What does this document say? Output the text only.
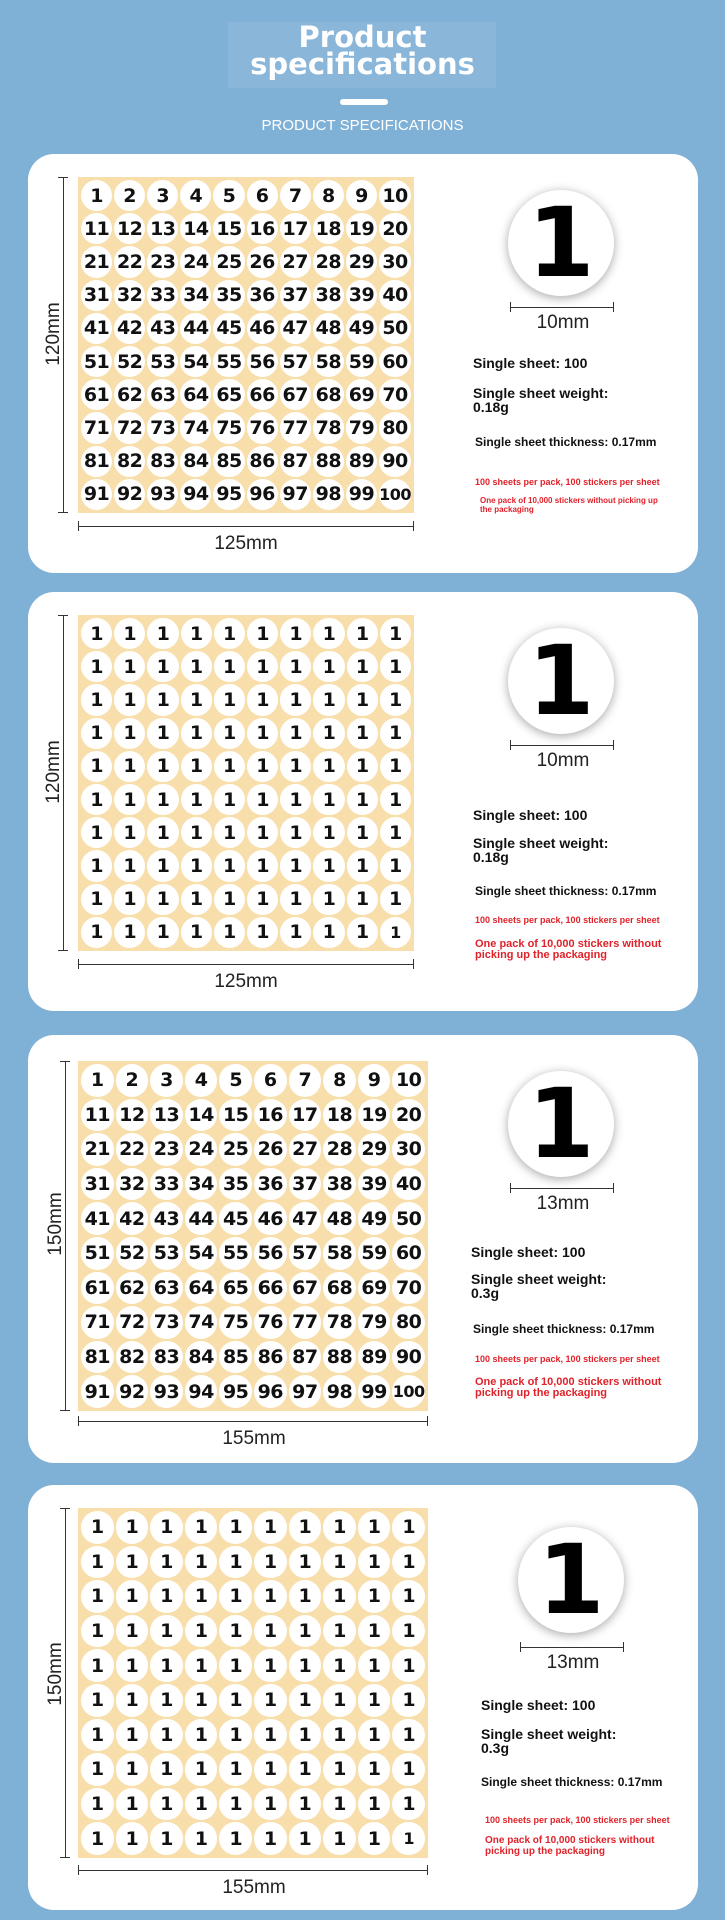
Product
specifications
PRODUCT SPECIFICATIONS
1	2	3	4	5	6	7	8	9 10
11 12 13 14 15 16 17 18 19 20
21 22 23 24 25 26 27 28 29 30
31 32 33 34 35 36 37 38 39 40
41 42 43 44 45 46 47 48 49 50
51 52 53 54 55 56 57 58 59 60
61 62 63 64 65 66 67 68 69 70
71 72 73 74 75 76 77 78 79 80
81 82 83 84 85 86 87 88 89 90
91 92 93 94 95 96 97 98 99 100
120mm
125mm
1
10mm
Single sheet: 100
Single sheet weight:
0.18g
Single sheet thickness: 0.17mm
100 sheets per pack, 100 stickers per sheet
One pack of 10,000 stickers without picking up the packaging
1	1	1	1	1	1	1	1	1	1
1	1	1	1	1	1	1	1	1	1
1	1	1	1	1	1	1	1	1	1
1	1	1	1	1	1	1	1	1	1
1	1	1	1	1	1	1	1	1	1
1	1	1	1	1	1	1	1	1	1
1	1	1	1	1	1	1	1	1	1
1	1	1	1	1	1	1	1	1	1
1	1	1	1	1	1	1	1	1	1
1	1	1	1	1	1	1	1	1	1
120mm
125mm
1
10mm
Single sheet: 100
Single sheet weight:
0.18g
Single sheet thickness: 0.17mm
100 sheets per pack, 100 stickers per sheet
One pack of 10,000 stickers without picking up the packaging
1	2	3	4	5	6	7	8	9 10
11 12 13 14 15 16 17 18 19 20
21 22 23 24 25 26 27 28 29 30
31 32 33 34 35 36 37 38 39 40
41 42 43 44 45 46 47 48 49 50
51 52 53 54 55 56 57 58 59 60
61 62 63 64 65 66 67 68 69 70
71 72 73 74 75 76 77 78 79 80
81 82 83 84 85 86 87 88 89 90
91 92 93 94 95 96 97 98 99 100
150mm
155mm
1
13mm
Single sheet: 100
Single sheet weight:
0.3g
Single sheet thickness: 0.17mm
100 sheets per pack, 100 stickers per sheet
One pack of 10,000 stickers without picking up the packaging
1	1	1	1	1	1	1	1	1	1
1	1	1	1	1	1	1	1	1	1
1	1	1	1	1	1	1	1	1	1
1	1	1	1	1	1	1	1	1	1
1	1	1	1	1	1	1	1	1	1
1	1	1	1	1	1	1	1	1	1
1	1	1	1	1	1	1	1	1	1
1	1	1	1	1	1	1	1	1	1
1	1	1	1	1	1	1	1	1	1
1	1	1	1	1	1	1	1	1	1
150mm
155mm
1
13mm
Single sheet: 100
Single sheet weight:
0.3g
Single sheet thickness: 0.17mm
100 sheets per pack, 100 stickers per sheet
One pack of 10,000 stickers without picking up the packaging
